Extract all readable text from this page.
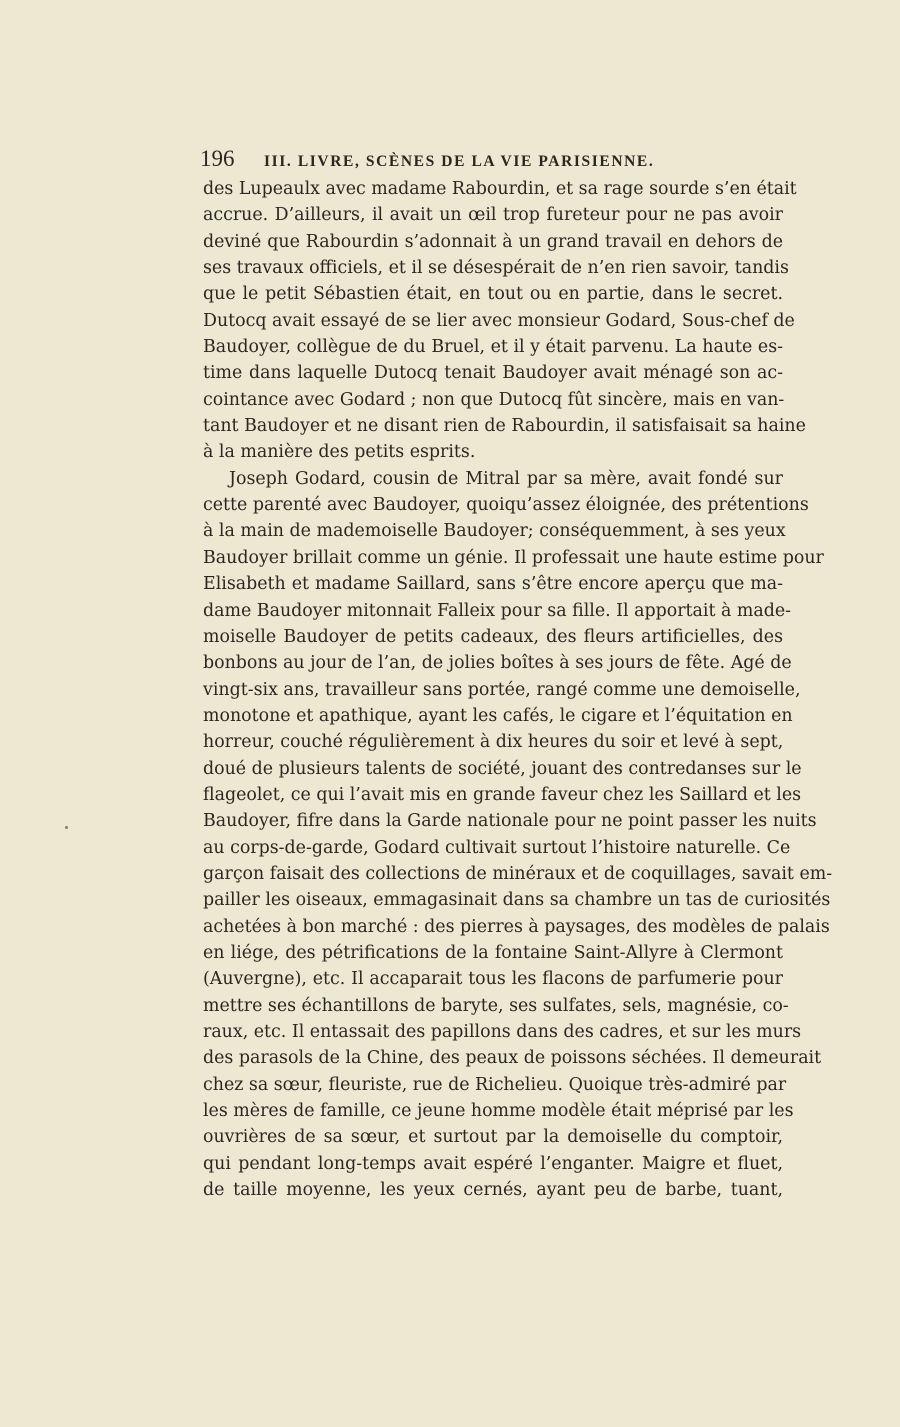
196	III. LIVRE, SCÈNES DE LA VIE PARISIENNE.
des Lupeaulx avec madame Rabourdin, et sa rage sourde s’en était
accrue. D’ailleurs, il avait un œil trop fureteur pour ne pas avoir
deviné que Rabourdin s’adonnait à un grand travail en dehors de
ses travaux officiels, et il se désespérait de n’en rien savoir, tandis
que le petit Sébastien était, en tout ou en partie, dans le secret.
Dutocq avait essayé de se lier avec monsieur Godard, Sous-chef de
Baudoyer, collègue de du Bruel, et il y était parvenu. La haute es-
time dans laquelle Dutocq tenait Baudoyer avait ménagé son ac-
cointance avec Godard ; non que Dutocq fût sincère, mais en van-
tant Baudoyer et ne disant rien de Rabourdin, il satisfaisait sa haine
à la manière des petits esprits.
Joseph Godard, cousin de Mitral par sa mère, avait fondé sur
cette parenté avec Baudoyer, quoiqu’assez éloignée, des prétentions
à la main de mademoiselle Baudoyer; conséquemment, à ses yeux
Baudoyer brillait comme un génie. Il professait une haute estime pour
Elisabeth et madame Saillard, sans s’être encore aperçu que ma-
dame Baudoyer mitonnait Falleix pour sa fille. Il apportait à made-
moiselle Baudoyer de petits cadeaux, des fleurs artificielles, des
bonbons au jour de l’an, de jolies boîtes à ses jours de fête. Agé de
vingt-six ans, travailleur sans portée, rangé comme une demoiselle,
monotone et apathique, ayant les cafés, le cigare et l’équitation en
horreur, couché régulièrement à dix heures du soir et levé à sept,
doué de plusieurs talents de société, jouant des contredanses sur le
flageolet, ce qui l’avait mis en grande faveur chez les Saillard et les
Baudoyer, fifre dans la Garde nationale pour ne point passer les nuits
au corps-de-garde, Godard cultivait surtout l’histoire naturelle. Ce
garçon faisait des collections de minéraux et de coquillages, savait em-
pailler les oiseaux, emmagasinait dans sa chambre un tas de curiosités
achetées à bon marché : des pierres à paysages, des modèles de palais
en liége, des pétrifications de la fontaine Saint-Allyre à Clermont
(Auvergne), etc. Il accaparait tous les flacons de parfumerie pour
mettre ses échantillons de baryte, ses sulfates, sels, magnésie, co-
raux, etc. Il entassait des papillons dans des cadres, et sur les murs
des parasols de la Chine, des peaux de poissons séchées. Il demeurait
chez sa sœur, fleuriste, rue de Richelieu. Quoique très-admiré par
les mères de famille, ce jeune homme modèle était méprisé par les
ouvrières de sa sœur, et surtout par la demoiselle du comptoir,
qui pendant long-temps avait espéré l’enganter. Maigre et fluet,
de taille moyenne, les yeux cernés, ayant peu de barbe, tuant,
